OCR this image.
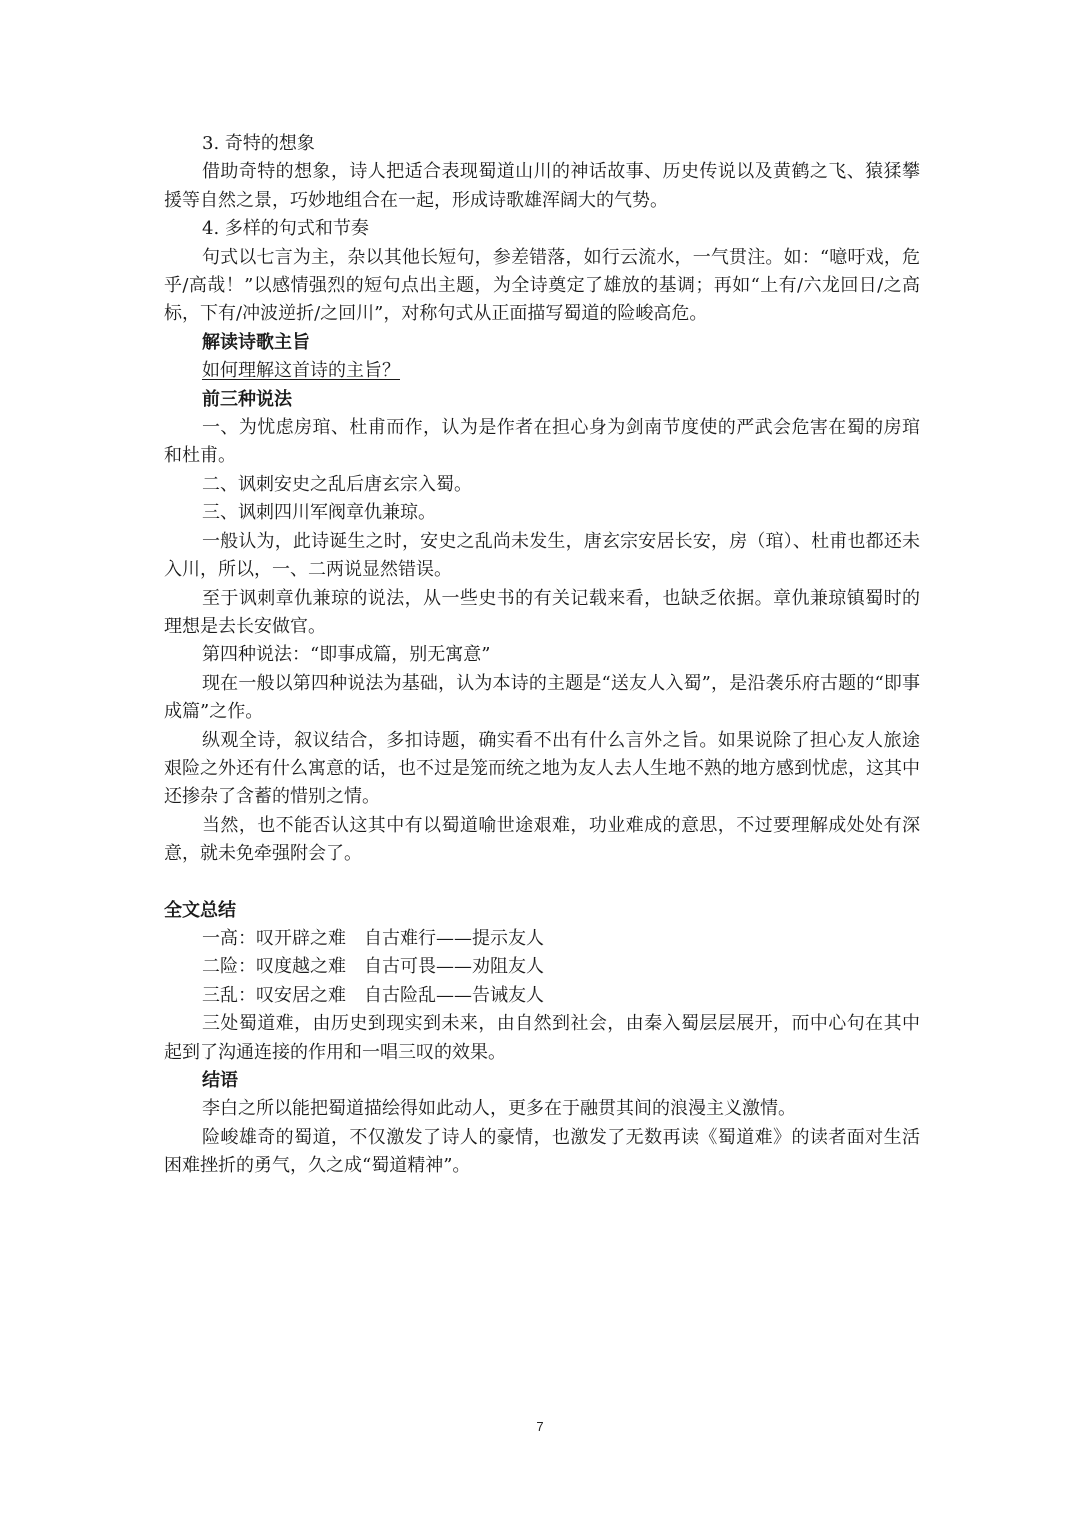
3. 奇特的想象

借助奇特的想象，诗人把适合表现蜀道山川的神话故事、历史传说以及黄鹤之飞、猿猱攀援等自然之景，巧妙地组合在一起，形成诗歌雄浑阔大的气势。

4. 多样的句式和节奏

句式以七言为主，杂以其他长短句，参差错落，如行云流水，一气贯注。如：“噫吁戏，危乎/高哉！”以感情强烈的短句点出主题，为全诗奠定了雄放的基调；再如“上有/六龙回日/之高标，下有/冲波逆折/之回川”，对称句式从正面描写蜀道的险峻高危。

解读诗歌主旨

如何理解这首诗的主旨？

前三种说法

一、为忧虑房琯、杜甫而作，认为是作者在担心身为剑南节度使的严武会危害在蜀的房琯和杜甫。

二、讽刺安史之乱后唐玄宗入蜀。

三、讽刺四川军阀章仇兼琼。

一般认为，此诗诞生之时，安史之乱尚未发生，唐玄宗安居长安，房（琯）、杜甫也都还未入川，所以，一、二两说显然错误。

至于讽刺章仇兼琼的说法，从一些史书的有关记载来看，也缺乏依据。章仇兼琼镇蜀时的理想是去长安做官。

第四种说法：“即事成篇，别无寓意”

现在一般以第四种说法为基础，认为本诗的主题是“送友人入蜀”，是沿袭乐府古题的“即事成篇”之作。

纵观全诗，叙议结合，多扣诗题，确实看不出有什么言外之旨。如果说除了担心友人旅途艰险之外还有什么寓意的话，也不过是笼而统之地为友人去人生地不熟的地方感到忧虑，这其中还掺杂了含蓄的惜别之情。

当然，也不能否认这其中有以蜀道喻世途艰难，功业难成的意思，不过要理解成处处有深意，就未免牵强附会了。

全文总结

一高：叹开辟之难　自古难行——提示友人

二险：叹度越之难　自古可畏——劝阻友人

三乱：叹安居之难　自古险乱——告诫友人

三处蜀道难，由历史到现实到未来，由自然到社会，由秦入蜀层层展开，而中心句在其中起到了沟通连接的作用和一唱三叹的效果。

结语

李白之所以能把蜀道描绘得如此动人，更多在于融贯其间的浪漫主义激情。

险峻雄奇的蜀道，不仅激发了诗人的豪情，也激发了无数再读《蜀道难》的读者面对生活困难挫折的勇气，久之成“蜀道精神”。

7
